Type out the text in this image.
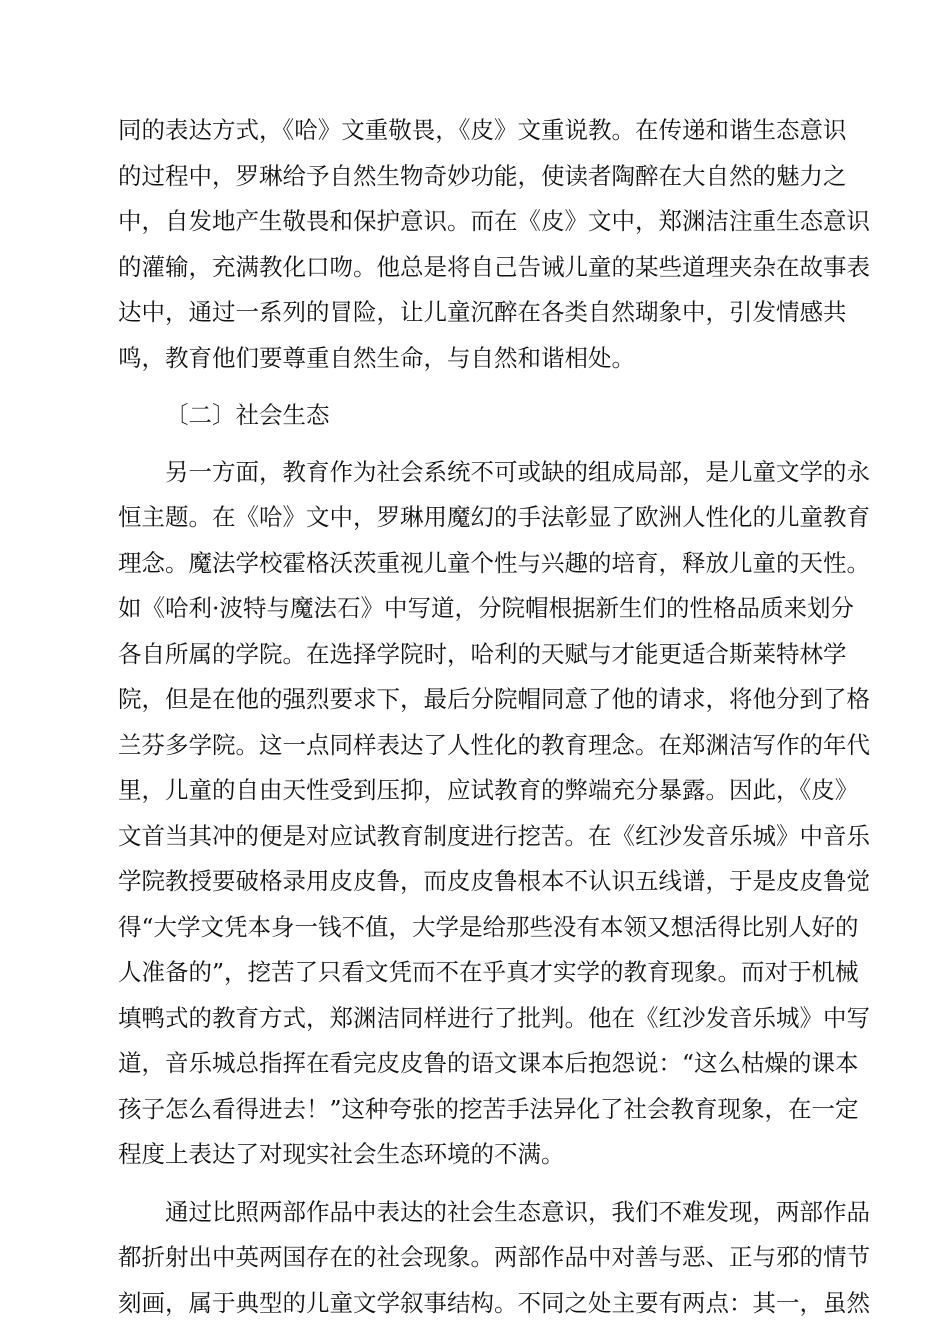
同的表达方式，《哈》文重敬畏，《皮》文重说教。在传递和谐生态意识
的过程中，罗琳给予自然生物奇妙功能，使读者陶醉在大自然的魅力之
中，自发地产生敬畏和保护意识。而在《皮》文中，郑渊洁注重生态意识
的灌输，充满教化口吻。他总是将自己告诫儿童的某些道理夹杂在故事表
达中，通过一系列的冒险，让儿童沉醉在各类自然瑚象中，引发情感共
鸣，教育他们要尊重自然生命，与自然和谐相处。
〔二〕社会生态
另一方面，教育作为社会系统不可或缺的组成局部，是儿童文学的永
恒主题。在《哈》文中，罗琳用魔幻的手法彰显了欧洲人性化的儿童教育
理念。魔法学校霍格沃茨重视儿童个性与兴趣的培育，释放儿童的天性。
如《哈利·波特与魔法石》中写道，分院帽根据新生们的性格品质来划分
各自所属的学院。在选择学院时，哈利的天赋与才能更适合斯莱特林学
院，但是在他的强烈要求下，最后分院帽同意了他的请求，将他分到了格
兰芬多学院。这一点同样表达了人性化的教育理念。在郑渊洁写作的年代
里，儿童的自由天性受到压抑，应试教育的弊端充分暴露。因此，《皮》
文首当其冲的便是对应试教育制度进行挖苦。在《红沙发音乐城》中音乐
学院教授要破格录用皮皮鲁，而皮皮鲁根本不认识五线谱，于是皮皮鲁觉
得“大学文凭本身一钱不值，大学是给那些没有本领又想活得比别人好的
人准备的”，挖苦了只看文凭而不在乎真才实学的教育现象。而对于机械
填鸭式的教育方式，郑渊洁同样进行了批判。他在《红沙发音乐城》中写
道，音乐城总指挥在看完皮皮鲁的语文课本后抱怨说：“这么枯燥的课本
孩子怎么看得进去！”这种夸张的挖苦手法异化了社会教育现象，在一定
程度上表达了对现实社会生态环境的不满。
通过比照两部作品中表达的社会生态意识，我们不难发现，两部作品
都折射出中英两国存在的社会现象。两部作品中对善与恶、正与邪的情节
刻画，属于典型的儿童文学叙事结构。不同之处主要有两点：其一，虽然
